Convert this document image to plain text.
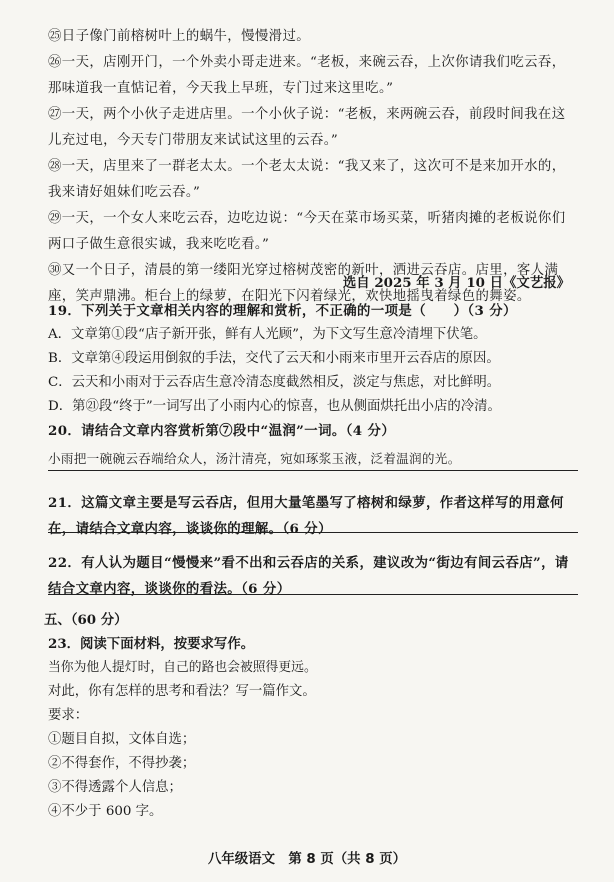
㉕日子像门前榕树叶上的蜗牛，慢慢滑过。

㉖一天，店刚开门，一个外卖小哥走进来。“老板，来碗云吞，上次你请我们吃云吞，那味道我一直惦记着，今天我上早班，专门过来这里吃。”

㉗一天，两个小伙子走进店里。一个小伙子说：“老板，来两碗云吞，前段时间我在这儿充过电，今天专门带朋友来试试这里的云吞。”

㉘一天，店里来了一群老太太。一个老太太说：“我又来了，这次可不是来加开水的，我来请好姐妹们吃云吞。”

㉙一天，一个女人来吃云吞，边吃边说：“今天在菜市场买菜，听猪肉摊的老板说你们两口子做生意很实诚，我来吃吃看。”

㉚又一个日子，清晨的第一缕阳光穿过榕树茂密的新叶，洒进云吞店。店里，客人满座，笑声鼎沸。柜台上的绿萝，在阳光下闪着绿光，欢快地摇曳着绿色的舞姿。

选自 2025 年 3 月 10 日《文艺报》
19．下列关于文章相关内容的理解和赏析，不正确的一项是（　　）（3 分）
A．文章第①段“店子新开张，鲜有人光顾”，为下文写生意冷清埋下伏笔。
B．文章第④段运用倒叙的手法，交代了云天和小雨来市里开云吞店的原因。
C．云天和小雨对于云吞店生意冷清态度截然相反，淡定与焦虑，对比鲜明。
D．第㉑段“终于”一词写出了小雨内心的惊喜，也从侧面烘托出小店的冷清。
20．请结合文章内容赏析第⑦段中“温润”一词。（4 分）
小雨把一碗碗云吞端给众人，汤汁清亮，宛如琢浆玉液，泛着温润的光。

21．这篇文章主要是写云吞店，但用大量笔墨写了榕树和绿萝，作者这样写的用意何在，请结合文章内容，谈谈你的理解。（6 分）

22．有人认为题目“慢慢来”看不出和云吞店的关系，建议改为“街边有间云吞店”，请结合文章内容，谈谈你的看法。（6 分）

五、（60 分）
23．阅读下面材料，按要求写作。
当你为他人提灯时，自己的路也会被照得更远。
对此，你有怎样的思考和看法？写一篇作文。
要求：
①题目自拟，文体自选；
②不得套作，不得抄袭；
③不得透露个人信息；
④不少于 600 字。
八年级语文　第 8 页（共 8 页）
